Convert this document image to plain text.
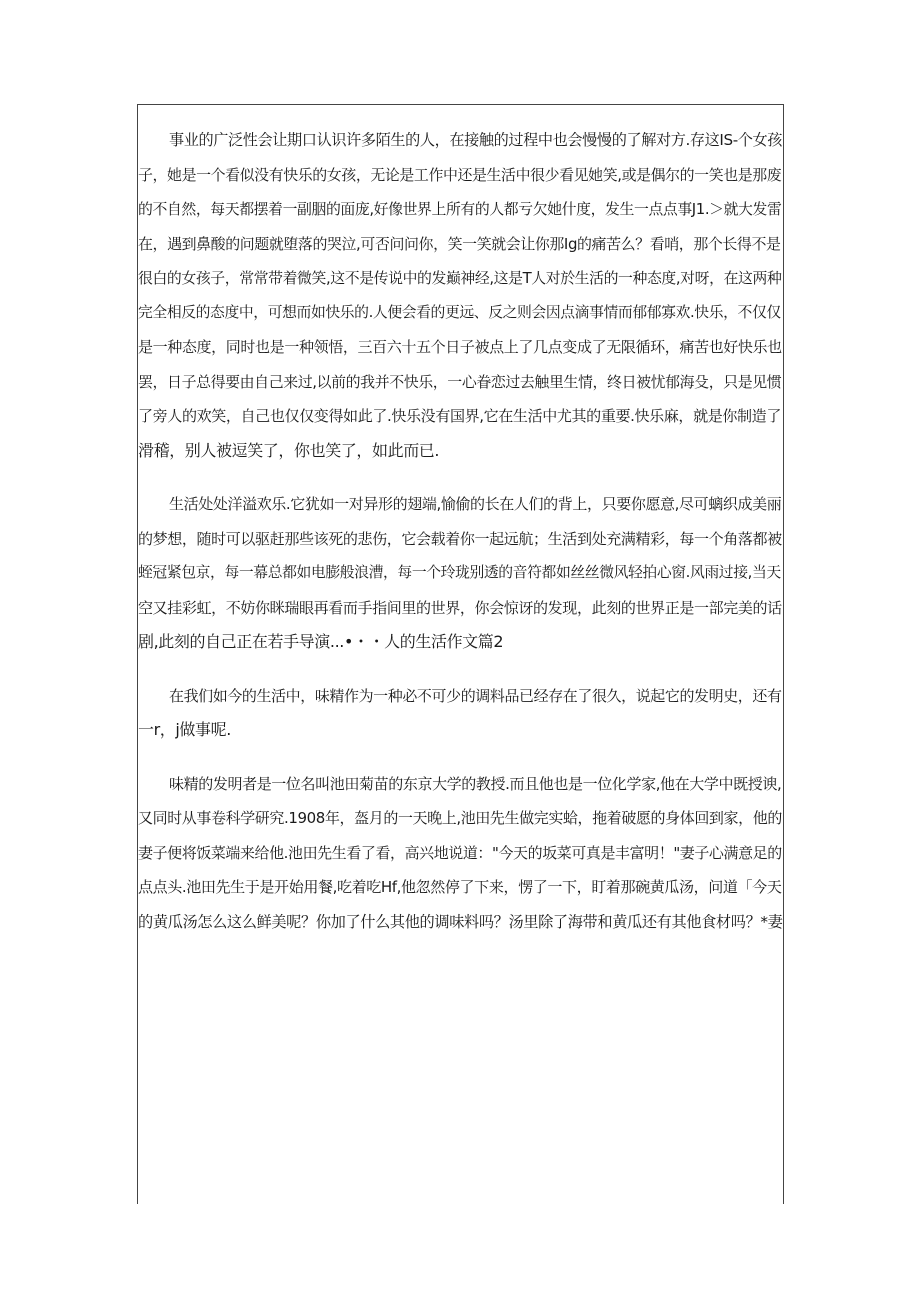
事业的广泛性会让期口认识许多陌生的人，在接触的过程中也会慢慢的了解对方.存这IS-个女孩
子，她是一个看似没有快乐的女孩，无论是工作中还是生活中很少看见她笑,或是偶尔的一笑也是那废
的不自然，每天都摆着一副胭的面庞,好像世界上所有的人都亏欠她什度，发生一点点事J1.＞就大发雷
在，遇到鼻酸的问题就堕落的哭泣,可否问问你，笑一笑就会让你那Ig的痛苦么？看哨，那个长得不是
很白的女孩子，常常带着微笑,这不是传说中的发巅神经,这是T人对於生活的一种态度,对呀，在这两种
完全相反的态度中，可想而如快乐的.人便会看的更远、反之则会因点滴事情而郁郁寡欢.快乐，不仅仅
是一种态度，同时也是一种领悟，三百六十五个日子被点上了几点变成了无限循环，痛苦也好快乐也
罢，日子总得要由自己来过,以前的我并不快乐，一心眷恋过去触里生情，终日被忧郁海殳，只是见惯
了旁人的欢笑，自己也仅仅变得如此了.快乐没有国界,它在生活中尤其的重要.快乐麻，就是你制造了
滑稽，别人被逗笑了，你也笑了，如此而已.
生活处处洋溢欢乐.它犹如一对异形的翅端,愉偷的长在人们的背上，只要你愿意,尽可螭织成美丽
的梦想，随时可以驱赶那些该死的悲伤，它会载着你一起远航；生活到处充满精彩，每一个角落都被
蛭冠紧包京，每一幕总都如电膨般浪漕，每一个玲珑别透的音符都如丝丝微风轻拍心窗.风雨过接,当天
空又挂彩虹，不妨你眯瑞眼再看而手指间里的世界，你会惊讶的发现，此刻的世界正是一部完美的话
剧,此刻的自己正在若手导演...•・・人的生活作文篇2
在我们如今的生活中，味精作为一种必不可少的调料品已经存在了很久，说起它的发明史，还有
一r，j做事呢.
味精的发明者是一位名叫池田菊苗的东京大学的教授.而且他也是一位化学家,他在大学中既授谀,
又同时从事卷科学研究.1908年，盔月的一天晚上,池田先生做完实蛤，拖着破愿的身体回到家，他的
妻子便将饭菜端来给他.池田先生看了看，高兴地说道："今天的坂菜可真是丰富明！"妻子心满意足的
点点头.池田先生于是开始用餐,吃着吃Hf,他忽然停了下来，愣了一下，盯着那碗黄瓜汤，问道「今天
的黄瓜汤怎么这么鲜美呢？你加了什么其他的调味料吗？汤里除了海带和黄瓜还有其他食材吗？*妻
